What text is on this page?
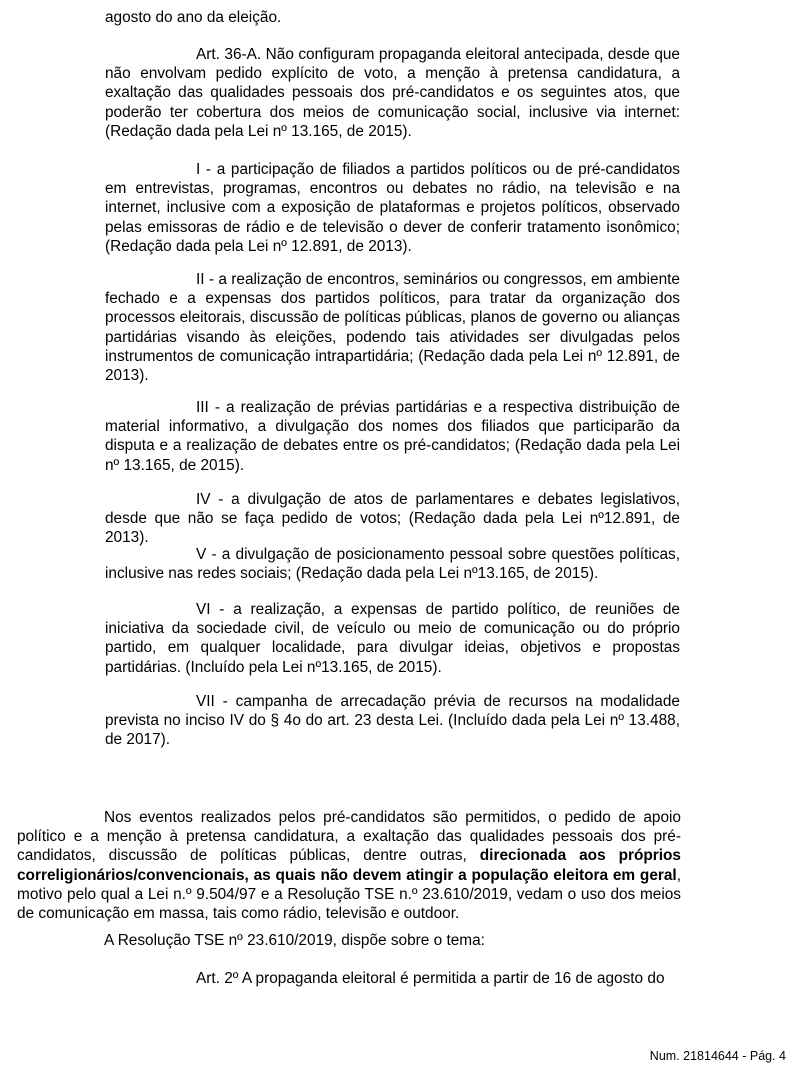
agosto do ano da eleição.

Art. 36-A. Não configuram propaganda eleitoral antecipada, desde que não envolvam pedido explícito de voto, a menção à pretensa candidatura, a exaltação das qualidades pessoais dos pré-candidatos e os seguintes atos, que poderão ter cobertura dos meios de comunicação social, inclusive via internet: (Redação dada pela Lei nº 13.165, de 2015).

I - a participação de filiados a partidos políticos ou de pré-candidatos em entrevistas, programas, encontros ou debates no rádio, na televisão e na internet, inclusive com a exposição de plataformas e projetos políticos, observado pelas emissoras de rádio e de televisão o dever de conferir tratamento isonômico;(Redação dada pela Lei nº 12.891, de 2013).

II - a realização de encontros, seminários ou congressos, em ambiente fechado e a expensas dos partidos políticos, para tratar da organização dos processos eleitorais, discussão de políticas públicas, planos de governo ou alianças partidárias visando às eleições, podendo tais atividades ser divulgadas pelos instrumentos de comunicação intrapartidária; (Redação dada pela Lei nº 12.891, de 2013).

III - a realização de prévias partidárias e a respectiva distribuição de material informativo, a divulgação dos nomes dos filiados que participarão da disputa e a realização de debates entre os pré-candidatos; (Redação dada pela Lei nº 13.165, de 2015).

IV - a divulgação de atos de parlamentares e debates legislativos, desde que não se faça pedido de votos; (Redação dada pela Lei nº12.891, de 2013).

V - a divulgação de posicionamento pessoal sobre questões políticas, inclusive nas redes sociais; (Redação dada pela Lei nº13.165, de 2015).

VI - a realização, a expensas de partido político, de reuniões de iniciativa da sociedade civil, de veículo ou meio de comunicação ou do próprio partido, em qualquer localidade, para divulgar ideias, objetivos e propostas partidárias. (Incluído pela Lei nº13.165, de 2015).

VII - campanha de arrecadação prévia de recursos na modalidade prevista no inciso IV do § 4o do art. 23 desta Lei. (Incluído dada pela Lei nº 13.488, de 2017).

Nos eventos realizados pelos pré-candidatos são permitidos, o pedido de apoio político e a menção à pretensa candidatura, a exaltação das qualidades pessoais dos pré-candidatos, discussão de políticas públicas, dentre outras, direcionada aos próprios correligionários/convencionais, as quais não devem atingir a população eleitora em geral, motivo pelo qual a Lei n.º 9.504/97 e a Resolução TSE n.º 23.610/2019, vedam o uso dos meios de comunicação em massa, tais como rádio, televisão e outdoor.

A Resolução TSE nº 23.610/2019, dispõe sobre o tema:

Art. 2º A propaganda eleitoral é permitida a partir de 16 de agosto do

Num. 21814644 - Pág. 4
